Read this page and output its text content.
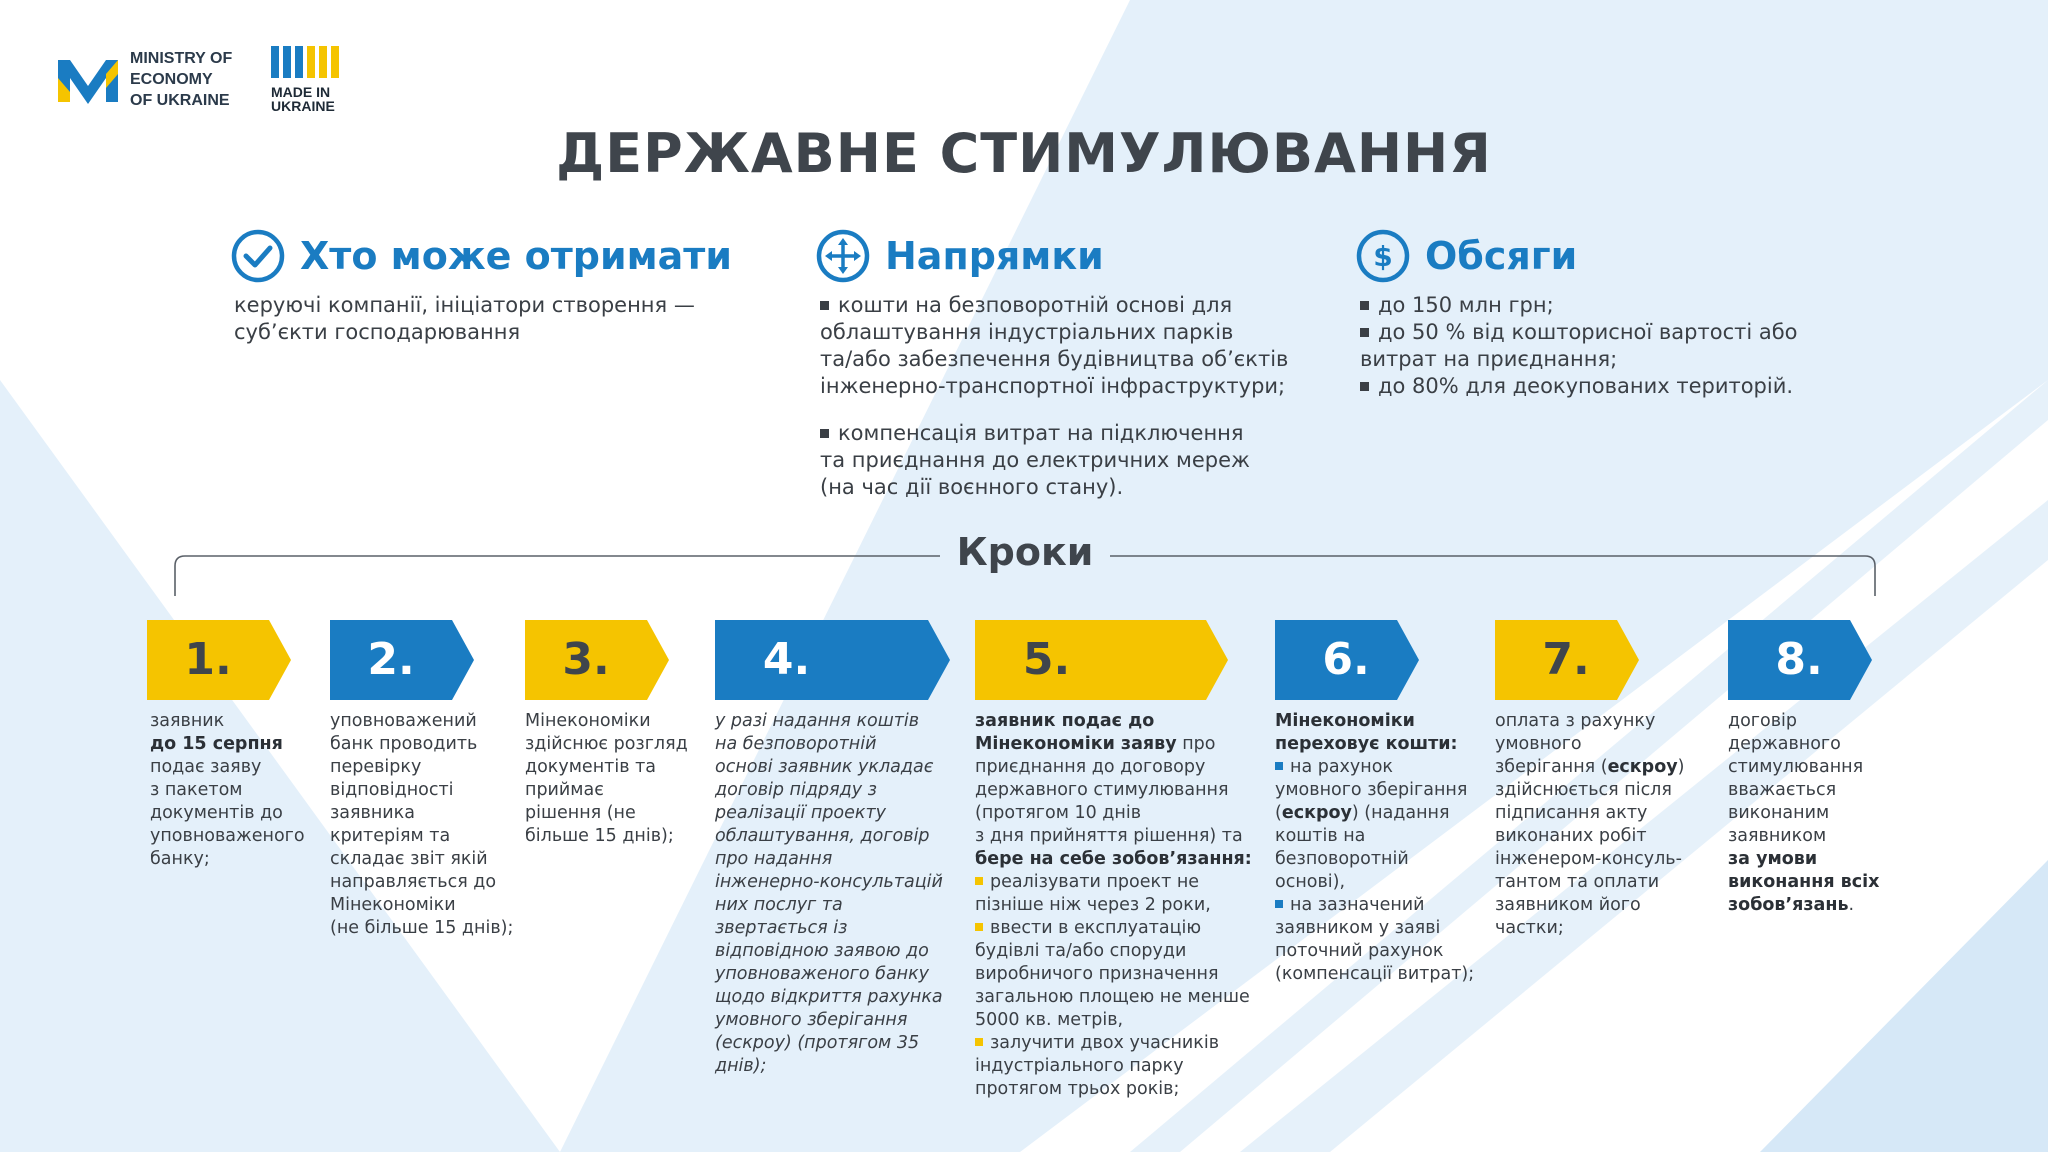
MINISTRY OF
ECONOMY
OF UKRAINE	MADE IN
UKRAINE
ДЕРЖАВНЕ СТИМУЛЮВАННЯ
Хто може отримати
керуючі компанії, ініціатори створення —
суб’єкти господарювання
Напрямки

кошти на безповоротній основі для
облаштування індустріальних парків
та/або забезпечення будівництва об’єктів
інженерно-транспортної інфраструктури;

компенсація витрат на підключення
та приєднання до електричних мереж
(на час дії воєнного стану).

$ Обсяги
до 150 млн грн;
до 50 % від кошторисної вартості або
витрат на приєднання;
до 80% для деокупованих територій.
Кроки
1.	2.	3.	4.	5.	6.	7.	8.
заявник
до 15 серпня
подає заяву
з пакетом
документів до
уповноваженого
банку;
уповноважений
банк проводить
перевірку
відповідності
заявника
критеріям та
складає звіт якій
направляється до
Мінекономіки
(не більше 15 днів);
Мінекономіки
здійснює розгляд
документів та
приймає
рішення (не
більше 15 днів);
у разі надання коштів
на безповоротній
основі заявник укладає
договір підряду з
реалізації проекту
облаштування, договір
про надання
інженерно-консультацій
них послуг та
звертається із
відповідною заявою до
уповноваженого банку
щодо відкриття рахунка
умовного зберігання
(ескроу) (протягом 35
днів);
заявник подає до
Мінекономіки заяву про
приєднання до договору
державного стимулювання
(протягом 10 днів
з дня прийняття рішення) та
бере на себе зобов’язання:
реалізувати проект не
пізніше ніж через 2 роки,
ввести в експлуатацію
будівлі та/або споруди
виробничого призначення
загальною площею не менше
5000 кв. метрів,
залучити двох учасників
індустріального парку
протягом трьох років;
Мінекономіки
переховує кошти:
на рахунок
умовного зберігання
(ескроу) (надання
коштів на
безповоротній
основі),
на зазначений
заявником у заяві
поточний рахунок
(компенсації витрат);
оплата з рахунку
умовного
зберігання (ескроу)
здійснюється після
підписання акту
виконаних робіт
інженером-консуль-
тантом та оплати
заявником його
частки;
договір
державного
стимулювання
вважається
виконаним
заявником
за умови
виконання всіх
зобов’язань.
